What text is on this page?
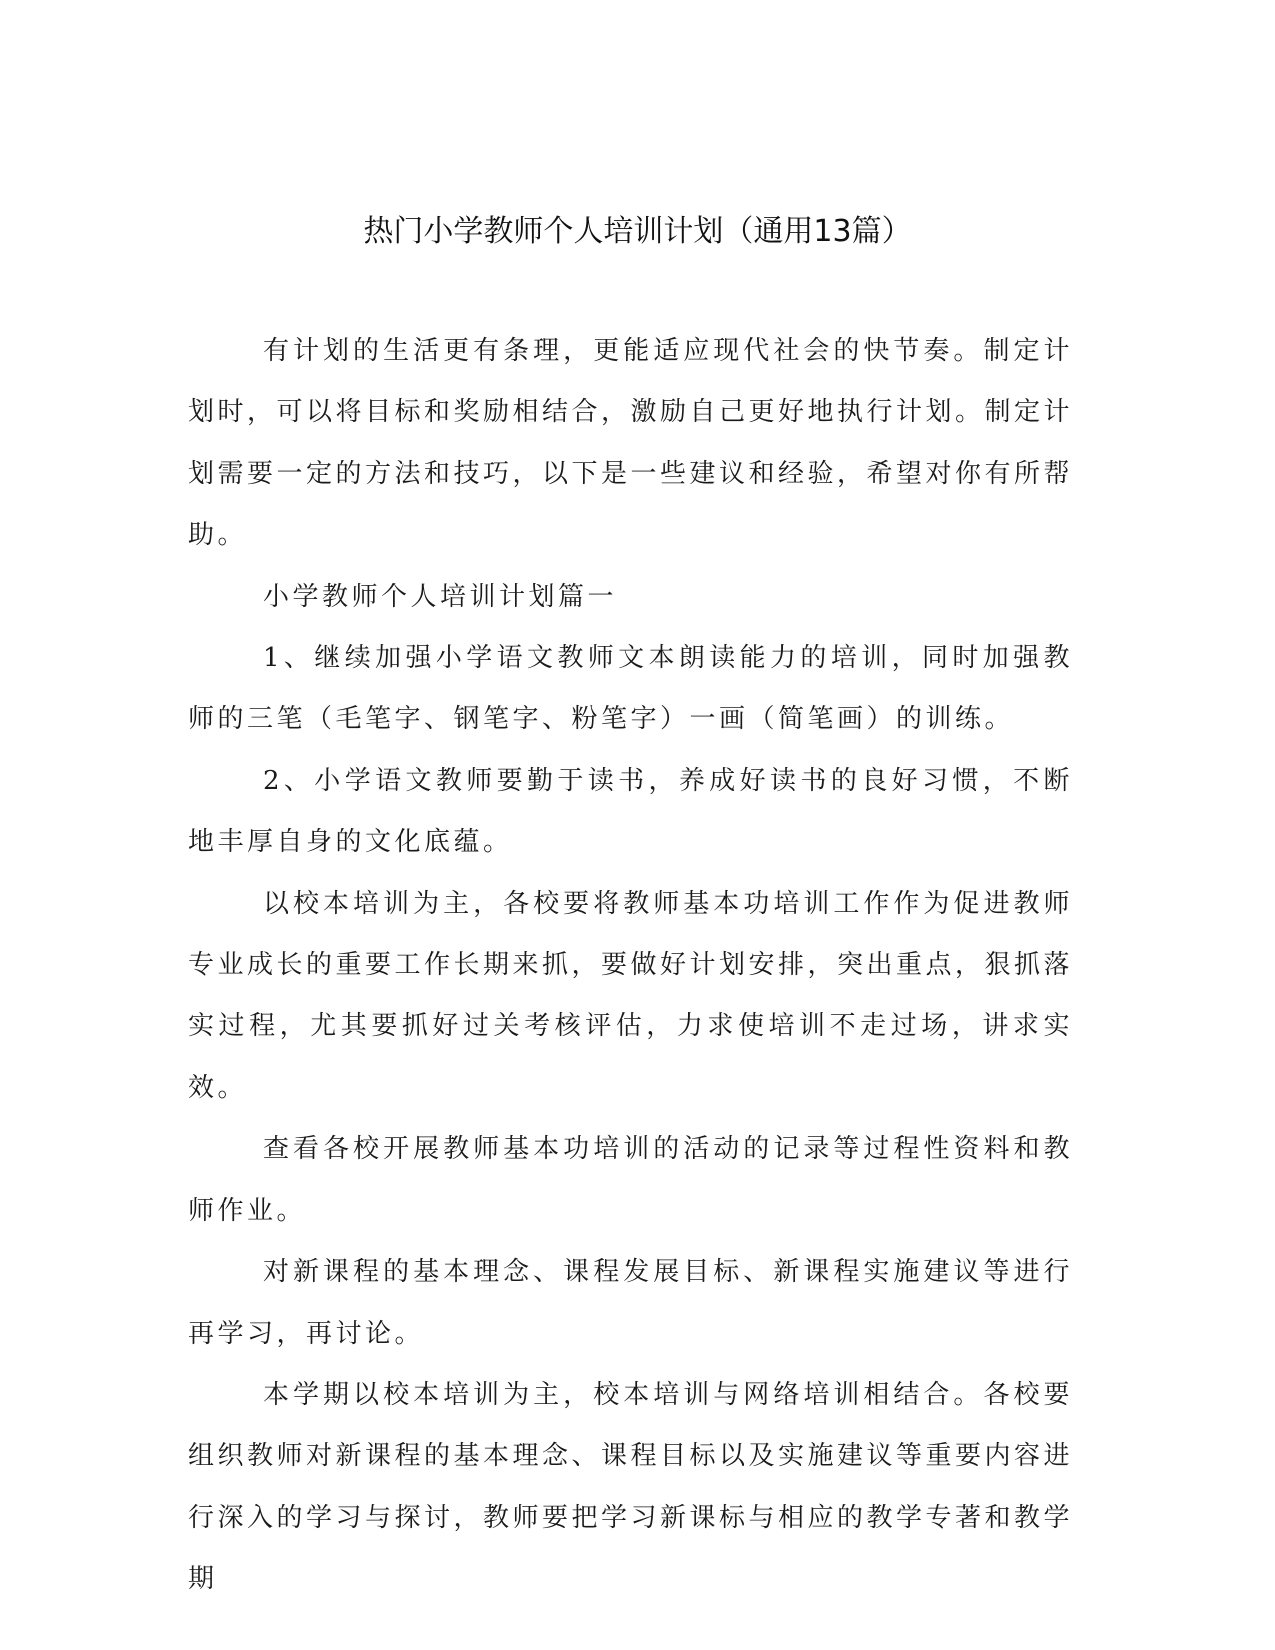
热门小学教师个人培训计划（通用13篇）

有计划的生活更有条理，更能适应现代社会的快节奏。制定计划时，可以将目标和奖励相结合，激励自己更好地执行计划。制定计划需要一定的方法和技巧，以下是一些建议和经验，希望对你有所帮助。

小学教师个人培训计划篇一

1、继续加强小学语文教师文本朗读能力的培训，同时加强教师的三笔（毛笔字、钢笔字、粉笔字）一画（简笔画）的训练。

2、小学语文教师要勤于读书，养成好读书的良好习惯，不断地丰厚自身的文化底蕴。

以校本培训为主，各校要将教师基本功培训工作作为促进教师专业成长的重要工作长期来抓，要做好计划安排，突出重点，狠抓落实过程，尤其要抓好过关考核评估，力求使培训不走过场，讲求实效。

查看各校开展教师基本功培训的活动的记录等过程性资料和教师作业。

对新课程的基本理念、课程发展目标、新课程实施建议等进行再学习，再讨论。

本学期以校本培训为主，校本培训与网络培训相结合。各校要组织教师对新课程的基本理念、课程目标以及实施建议等重要内容进行深入的学习与探讨，教师要把学习新课标与相应的教学专著和教学期
